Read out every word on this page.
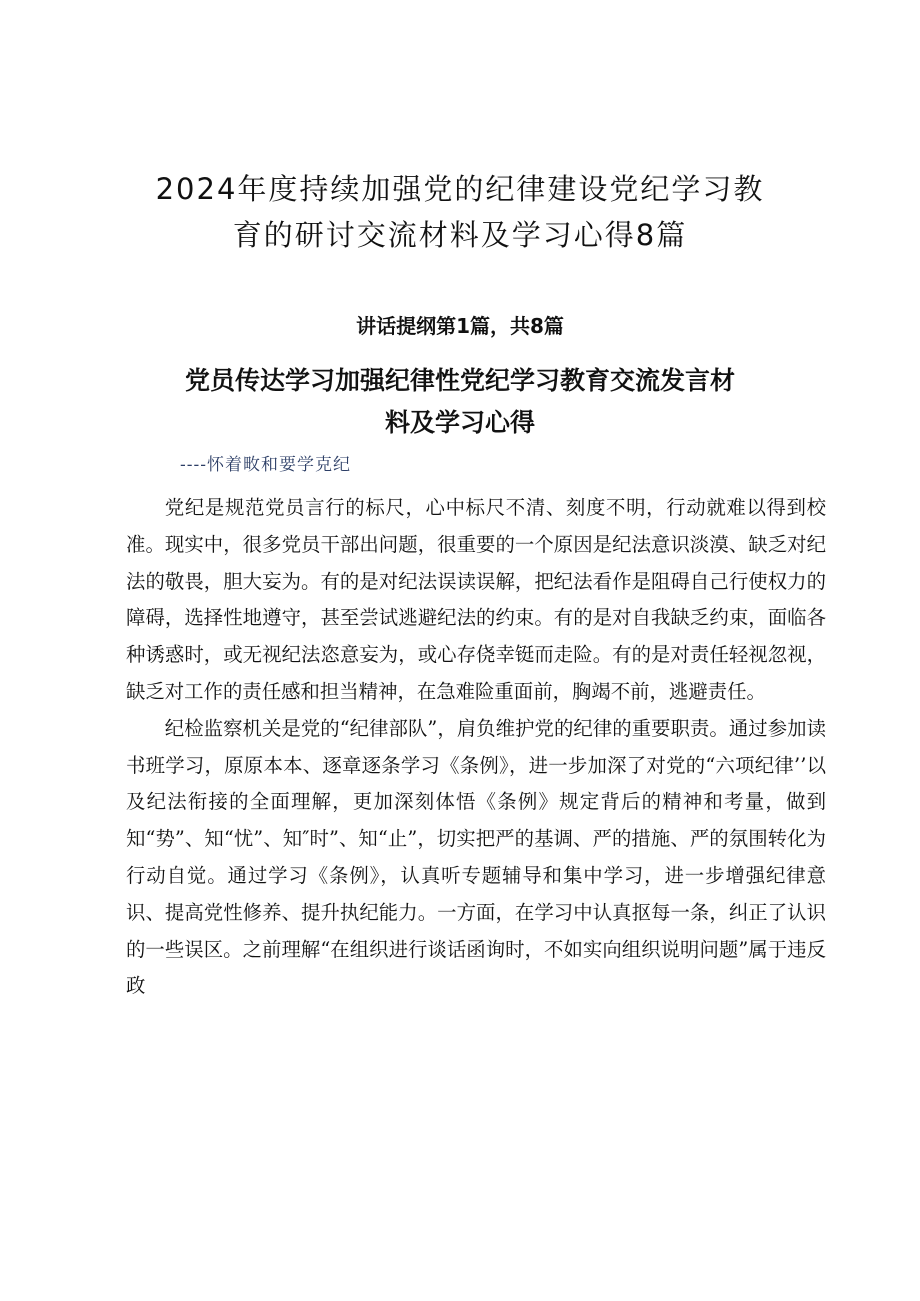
2024年度持续加强党的纪律建设党纪学习教
育的研讨交流材料及学习心得8篇
讲话提纲第1篇，共8篇
党员传达学习加强纪律性党纪学习教育交流发言材
料及学习心得

----怀着畋和要学克纪

党纪是规范党员言行的标尺，心中标尺不清、刻度不明，行动就难以得到校准。现实中，很多党员干部出问题，很重要的一个原因是纪法意识淡漠、缺乏对纪法的敬畏，胆大妄为。有的是对纪法误读误解，把纪法看作是阻碍自己行使权力的障碍，选择性地遵守，甚至尝试逃避纪法的约束。有的是对自我缺乏约束，面临各种诱惑时，或无视纪法恣意妄为，或心存侥幸铤而走险。有的是对责任轻视忽视，缺乏对工作的责任感和担当精神，在急难险重面前，胸竭不前，逃避责任。

纪检监察机关是党的“纪律部队”，肩负维护党的纪律的重要职责。通过参加读书班学习，原原本本、逐章逐条学习《条例》，进一步加深了对党的“六项纪律’’以及纪法衔接的全面理解，更加深刻体悟《条例》规定背后的精神和考量，做到知“势”、知“忧”、知″时”、知“止”，切实把严的基调、严的措施、严的氛围转化为行动自觉。通过学习《条例》，认真听专题辅导和集中学习，进一步增强纪律意识、提高党性修养、提升执纪能力。一方面，在学习中认真抠每一条，纠正了认识的一些误区。之前理解“在组织进行谈话函询时，不如实向组织说明问题”属于违反政
